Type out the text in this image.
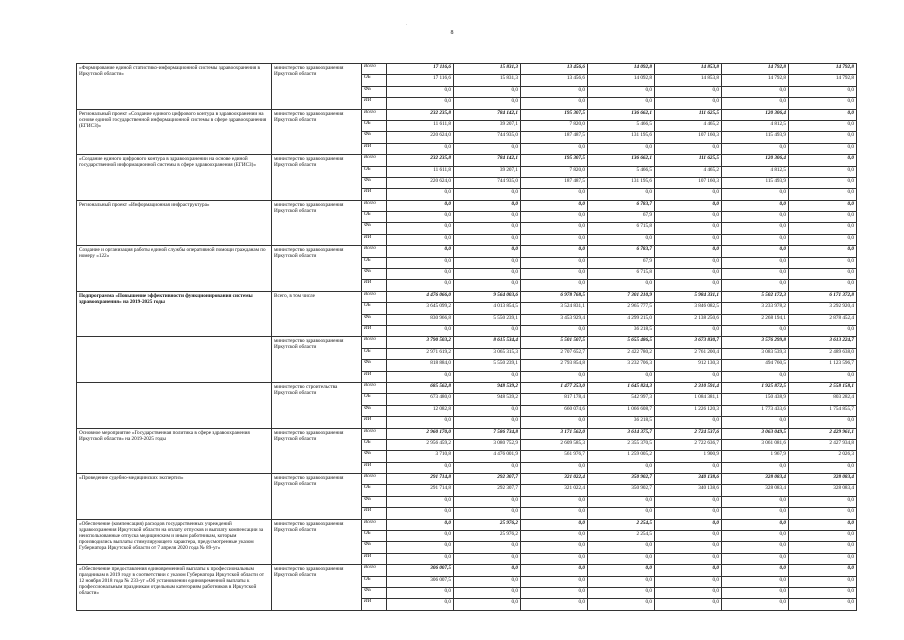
.
8
«Формирование единой статистико-информационной системы здравоохранения в Иркутской области»	министерство здравоохранения Иркутской области	Всего	17 116,6	15 831,3	13 456,6	14 092,8	14 853,8	14 792,8	14 792,8
		ОБ	17 116,6	15 831,3	13 456,6	14 092,8	14 853,8	14 792,8	14 792,8
		ФБ	0,0	0,0	0,0	0,0	0,0	0,0	0,0
		ИИ	0,0	0,0	0,0	0,0	0,0	0,0	0,0
Региональный проект «Создание единого цифрового контура в здравоохранении на основе единой государственной информационной системы в сфере здравоохранения (ЕГИСЗ)»	министерство здравоохранения Иркутской области	Всего	232 235,8	784 142,1	195 307,5	136 662,1	111 625,5	120 306,4	0,0
		ОБ	11 611,8	39 207,1	7 820,0	5 466,5	4 465,2	4 812,5	0,0
		ФБ	220 624,0	744 935,0	187 487,5	131 195,6	107 160,3	115 493,9	0,0
		ИИ	0,0	0,0	0,0	0,0	0,0	0,0	0,0
«Создание единого цифрового контура в здравоохранении на основе единой государственной информационной системы в сфере здравоохранения (ЕГИСЗ)»	министерство здравоохранения Иркутской области	Всего	232 235,8	784 142,1	195 307,5	136 662,1	111 625,5	120 306,4	0,0
		ОБ	11 611,8	39 207,1	7 820,0	5 466,5	4 465,2	4 812,5	0,0
		ФБ	220 624,0	744 935,0	187 487,5	131 195,6	107 160,3	115 493,9	0,0
		ИИ	0,0	0,0	0,0	0,0	0,0	0,0	0,0
Региональный проект «Информационная инфраструктура»	министерство здравоохранения Иркутской области	Всего	0,0	0,0	0,0	6 783,7	0,0	0,0	0,0
		ОБ	0,0	0,0	0,0	67,9	0,0	0,0	0,0
		ФБ	0,0	0,0	0,0	6 715,8	0,0	0,0	0,0
		ИИ	0,0	0,0	0,0	0,0	0,0	0,0	0,0
Создание и организация работы единой службы оперативной помощи гражданам по номеру «122»	министерство здравоохранения Иркутской области	Всего	0,0	0,0	0,0	6 783,7	0,0	0,0	0,0
		ОБ	0,0	0,0	0,0	67,9	0,0	0,0	0,0
		ФБ	0,0	0,0	0,0	6 715,8	0,0	0,0	0,0
		ИИ	0,0	0,0	0,0	0,0	0,0	0,0	0,0
Подпрограмма «Повышение эффективности функционирования системы здравоохранения» на 2019-2025 годы	Всего, в том числе	Всего	4 476 066,0	9 564 003,6	6 978 768,5	7 301 210,9	5 984 331,1	5 502 172,3	6 171 372,8
		ОБ	3 645 099,2	4 013 854,5	3 524 831,1	2 965 777,5	3 846 082,5	3 233 978,2	3 292 920,4
		ФБ	830 966,8	5 550 239,1	3 453 929,4	4 299 215,0	2 138 250,6	2 268 194,1	2 878 452,4
		ИИ	0,0	0,0	0,0	36 218,5	0,0	0,0	0,0
	министерство здравоохранения Иркутской области	Всего	3 790 503,2	8 615 534,4	5 501 507,5	5 655 486,5	3 673 830,7	3 576 299,8	3 613 224,7
		ОБ	2 971 619,2	3 065 315,3	2 707 652,7	2 422 780,2	2 761 200,4	3 083 539,3	2 489 638,0
		ФБ	818 884,0	5 550 239,1	2 793 854,8	3 232 706,3	912 130,3	494 760,5	1 123 596,7
		ИИ	0,0	0,0	0,0	0,0	0,0	0,0	0,0
	министерство строительства Иркутской области	Всего	685 562,8	948 539,2	1 477 253,0	1 645 824,3	2 310 591,4	1 925 872,5	2 558 158,1
		ОБ	673 480,0	948 539,2	817 178,4	542 997,3	1 084 381,1	150 438,9	803 282,4
		ФБ	12 082,8	0,0	660 074,6	1 066 608,7	1 226 120,3	1 773 433,6	1 754 855,7
		ИИ	0,0	0,0	0,0	36 218,5	0,0	0,0	0,0
Основное мероприятие «Государственная политика в сфере здравоохранения Иркутской области» на 2019-2025 годы	министерство здравоохранения Иркутской области	Всего	2 960 170,0	7 586 734,8	3 171 562,0	3 614 375,7	2 724 537,6	3 063 049,5	2 429 961,1
		ОБ	2 956 459,2	3 080 752,9	2 609 585,3	2 355 370,5	2 722 636,7	3 061 081,6	2 427 934,8
		ФБ	3 710,8	4 476 001,9	561 976,7	1 259 005,2	1 900,9	1 967,9	2 026,3
		ИИ	0,0	0,0	0,0	0,0	0,0	0,0	0,0
«Проведение судебно-медицинских экспертиз»	министерство здравоохранения Иркутской области	Всего	291 714,8	292 307,7	321 022,4	350 902,7	340 138,6	328 083,4	328 083,4
		ОБ	291 714,8	292 307,7	321 022,4	350 902,7	340 138,6	328 083,4	328 083,4
		ФБ	0,0	0,0	0,0	0,0	0,0	0,0	0,0
		ИИ	0,0	0,0	0,0	0,0	0,0	0,0	0,0
«Обеспечение (компенсация) расходов государственных учреждений здравоохранения Иркутской области на оплату отпусков и выплату компенсации за неиспользованные отпуска медицинским и иным работникам, которым производились выплаты стимулирующего характера, предусмотренные указом Губернатора Иркутской области от 7 апреля 2020 года № 89-уг»	министерство здравоохранения Иркутской области	Всего	0,0	25 976,2	0,0	2 254,5	0,0	0,0	0,0
		ОБ	0,0	25 976,2	0,0	2 254,5	0,0	0,0	0,0
		ФБ	0,0	0,0	0,0	0,0	0,0	0,0	0,0
		ИИ	0,0	0,0	0,0	0,0	0,0	0,0	0,0
«Обеспечение предоставления единовременной выплаты к профессиональным праздникам в 2019 году в соответствии с указом Губернатора Иркутской области от 12 ноября 2018 года № 233-уг «Об установлении единовременной выплаты к профессиональным праздникам отдельным категориям работников в Иркутской области»	министерство здравоохранения Иркутской области	Всего	306 007,5	0,0	0,0	0,0	0,0	0,0	0,0
		ОБ	306 007,5	0,0	0,0	0,0	0,0	0,0	0,0
		ФБ	0,0	0,0	0,0	0,0	0,0	0,0	0,0
		ИИ	0,0	0,0	0,0	0,0	0,0	0,0	0,0
